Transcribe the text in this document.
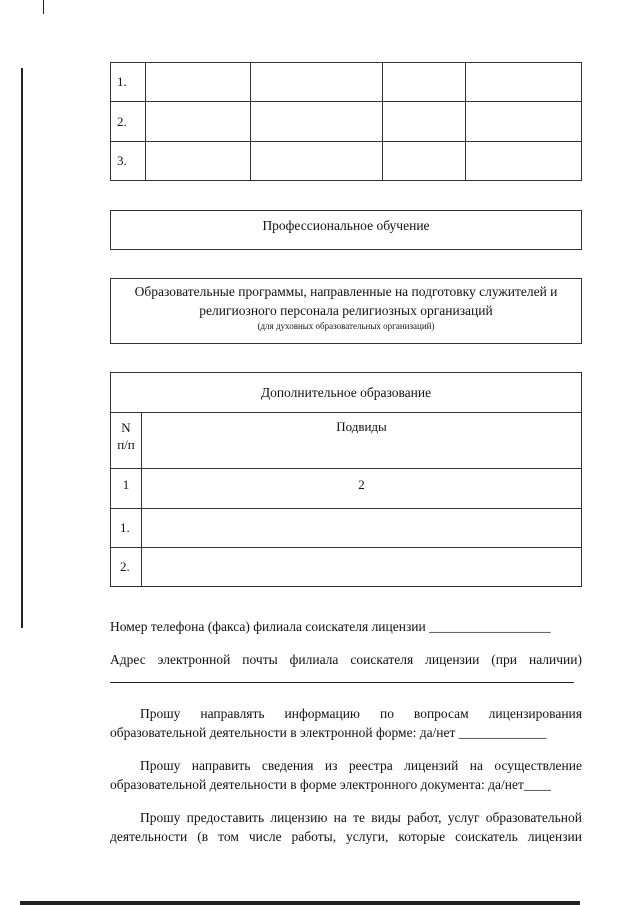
1.				
2.				
3.				
Профессиональное обучение
Образовательные программы, направленные на подготовку служителей и
религиозного персонала религиозных организаций
(для духовных образовательных организаций)
Дополнительное образование	

N
п/п	Подвиды
1	2
1.	
2.	
Номер телефона (факса) филиала соискателя лицензии __________________
Адрес электронной почты филиала соискателя лицензии (при наличии)
Прошу направлять информацию по вопросам лицензирования
образовательной деятельности в электронной форме: да/нет _____________
Прошу направить сведения из реестра лицензий на осуществление
образовательной деятельности в форме электронного документа: да/нет____
Прошу предоставить лицензию на те виды работ, услуг образовательной
деятельности (в том числе работы, услуги, которые соискатель лицензии
